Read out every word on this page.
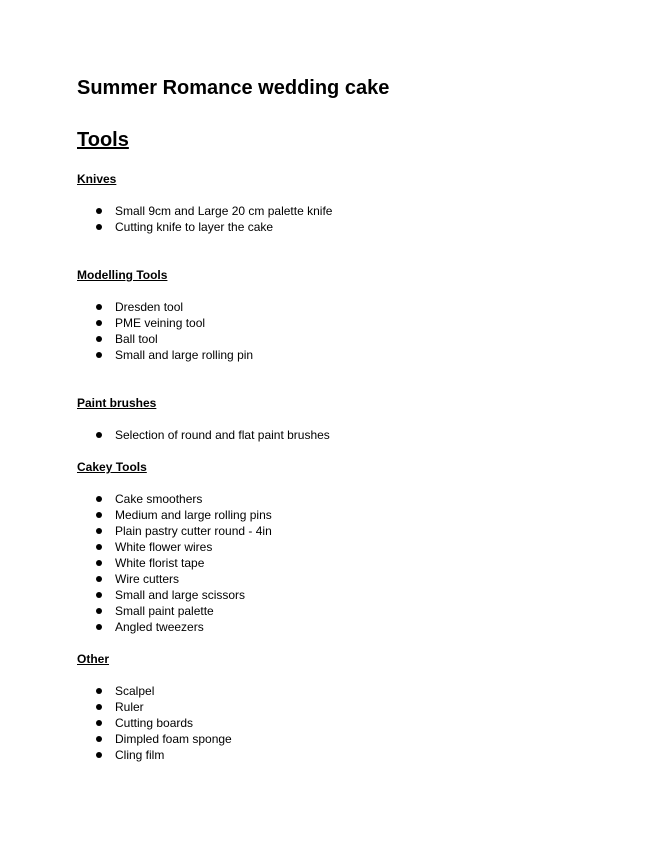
Summer Romance wedding cake
Tools
Knives
Small 9cm and Large 20 cm palette knife
Cutting knife to layer the cake
Modelling Tools
Dresden tool
PME veining tool
Ball tool
Small and large rolling pin
Paint brushes
Selection of round and flat paint brushes
Cakey Tools
Cake smoothers
Medium and large rolling pins
Plain pastry cutter round - 4in
White flower wires
White florist tape
Wire cutters
Small and large scissors
Small paint palette
Angled tweezers
Other
Scalpel
Ruler
Cutting boards
Dimpled foam sponge
Cling film
